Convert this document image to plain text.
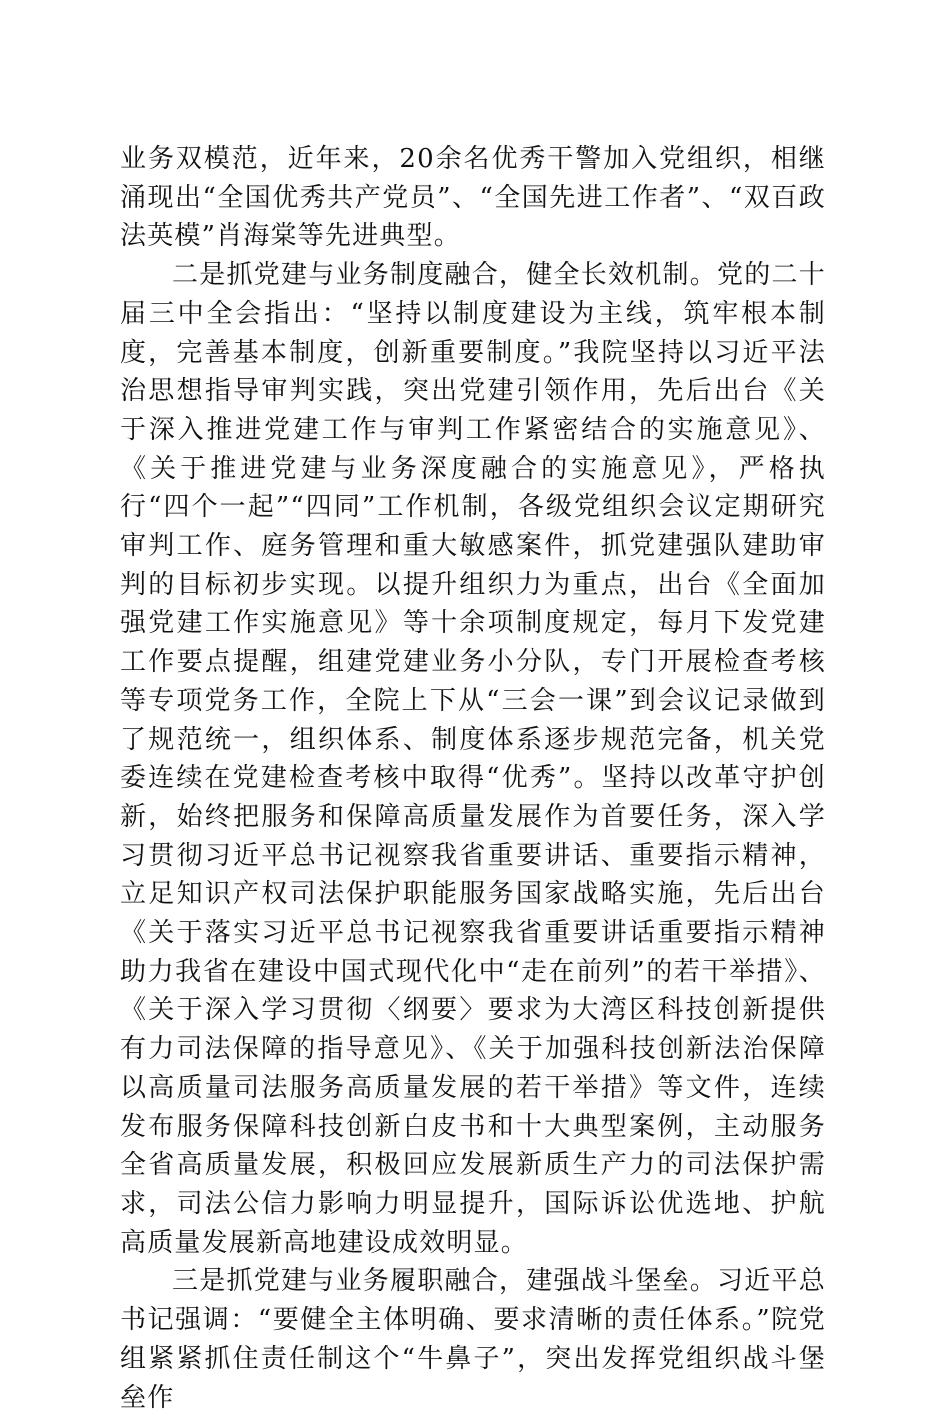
业务双模范，近年来，20余名优秀干警加入党组织，相继涌现出“全国优秀共产党员”、“全国先进工作者”、“双百政法英模”肖海棠等先进典型。

二是抓党建与业务制度融合，健全长效机制。党的二十届三中全会指出：“坚持以制度建设为主线，筑牢根本制度，完善基本制度，创新重要制度。”我院坚持以习近平法治思想指导审判实践，突出党建引领作用，先后出台《关于深入推进党建工作与审判工作紧密结合的实施意见》、《关于推进党建与业务深度融合的实施意见》，严格执行“四个一起”“四同”工作机制，各级党组织会议定期研究审判工作、庭务管理和重大敏感案件，抓党建强队建助审判的目标初步实现。以提升组织力为重点，出台《全面加强党建工作实施意见》等十余项制度规定，每月下发党建工作要点提醒，组建党建业务小分队，专门开展检查考核等专项党务工作，全院上下从“三会一课”到会议记录做到了规范统一，组织体系、制度体系逐步规范完备，机关党委连续在党建检查考核中取得“优秀”。坚持以改革守护创新，始终把服务和保障高质量发展作为首要任务，深入学习贯彻习近平总书记视察我省重要讲话、重要指示精神，立足知识产权司法保护职能服务国家战略实施，先后出台《关于落实习近平总书记视察我省重要讲话重要指示精神助力我省在建设中国式现代化中“走在前列”的若干举措》、《关于深入学习贯彻〈纲要〉要求为大湾区科技创新提供有力司法保障的指导意见》、《关于加强科技创新法治保障以高质量司法服务高质量发展的若干举措》等文件，连续发布服务保障科技创新白皮书和十大典型案例，主动服务全省高质量发展，积极回应发展新质生产力的司法保护需求，司法公信力影响力明显提升，国际诉讼优选地、护航高质量发展新高地建设成效明显。

三是抓党建与业务履职融合，建强战斗堡垒。习近平总书记强调：“要健全主体明确、要求清晰的责任体系。”院党组紧紧抓住责任制这个“牛鼻子”，突出发挥党组织战斗堡垒作
